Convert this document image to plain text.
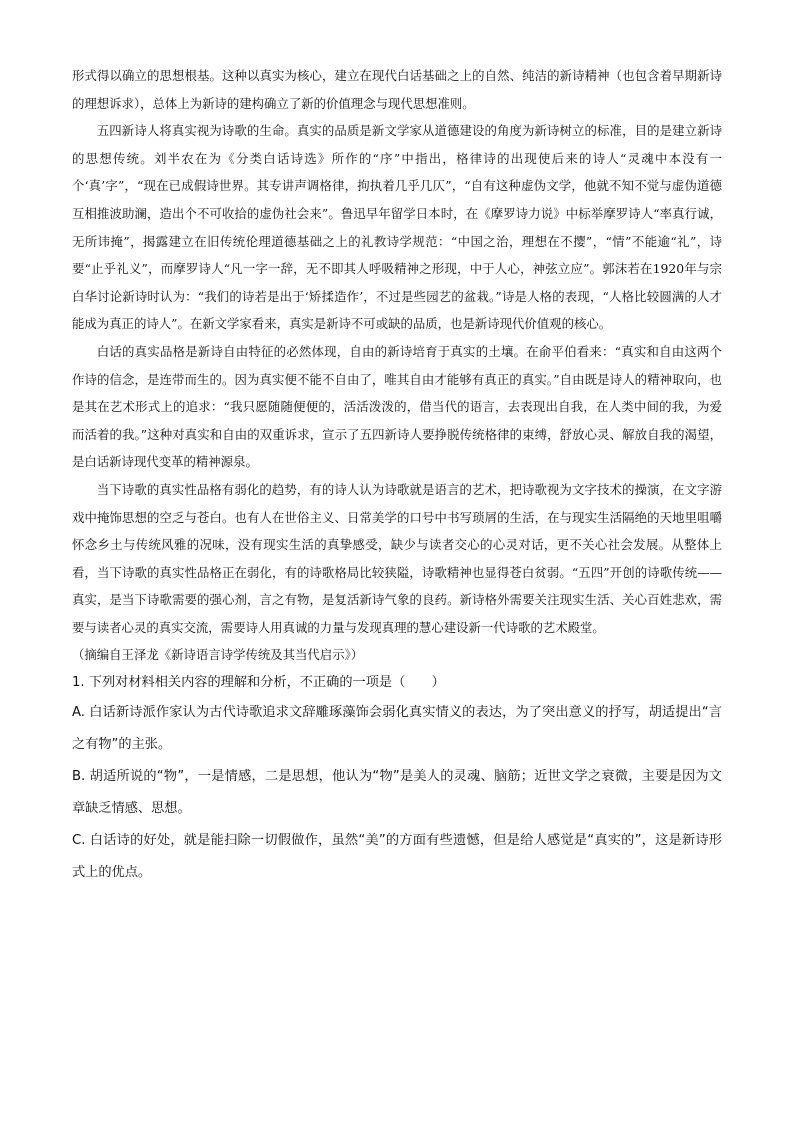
形式得以确立的思想根基。这种以真实为核心，建立在现代白话基础之上的自然、纯洁的新诗精神（也包含着早期新诗的理想诉求），总体上为新诗的建构确立了新的价值理念与现代思想准则。

五四新诗人将真实视为诗歌的生命。真实的品质是新文学家从道德建设的角度为新诗树立的标准，目的是建立新诗的思想传统。刘半农在为《分类白话诗选》所作的“序”中指出，格律诗的出现使后来的诗人“灵魂中本没有一个‘真’字”，“现在已成假诗世界。其专讲声调格律，拘执着几乎几仄”，“自有这种虚伪文学，他就不知不觉与虚伪道德互相推波助澜，造出个不可收拾的虚伪社会来”。鲁迅早年留学日本时，在《摩罗诗力说》中标举摩罗诗人“率真行诚，无所讳掩”，揭露建立在旧传统伦理道德基础之上的礼教诗学规范：“中国之治，理想在不撄”，“情”不能逾“礼”，诗要“止乎礼义”，而摩罗诗人“凡一字一辞，无不即其人呼吸精神之形现，中于人心，神弦立应”。郭沫若在1920年与宗白华讨论新诗时认为：“我们的诗若是出于‘矫揉造作’，不过是些园艺的盆栽。”诗是人格的表现，“人格比较圆满的人才能成为真正的诗人”。在新文学家看来，真实是新诗不可或缺的品质，也是新诗现代价值观的核心。

白话的真实品格是新诗自由特征的必然体现，自由的新诗培育于真实的土壤。在俞平伯看来：“真实和自由这两个作诗的信念，是连带而生的。因为真实便不能不自由了，唯其自由才能够有真正的真实。”自由既是诗人的精神取向，也是其在艺术形式上的追求：“我只愿随随便便的，活活泼泼的，借当代的语言，去表现出自我，在人类中间的我，为爱而活着的我。”这种对真实和自由的双重诉求，宣示了五四新诗人要挣脱传统格律的束缚，舒放心灵、解放自我的渴望，是白话新诗现代变革的精神源泉。

当下诗歌的真实性品格有弱化的趋势，有的诗人认为诗歌就是语言的艺术，把诗歌视为文字技术的操演，在文字游戏中掩饰思想的空乏与苍白。也有人在世俗主义、日常美学的口号中书写琐屑的生活，在与现实生活隔绝的天地里咀嚼怀念乡土与传统风雅的况味，没有现实生活的真挚感受，缺少与读者交心的心灵对话，更不关心社会发展。从整体上看，当下诗歌的真实性品格正在弱化，有的诗歌格局比较狭隘，诗歌精神也显得苍白贫弱。“五四”开创的诗歌传统——真实，是当下诗歌需要的强心剂，言之有物，是复活新诗气象的良药。新诗格外需要关注现实生活、关心百姓悲欢，需要与读者心灵的真实交流，需要诗人用真诚的力量与发现真理的慧心建设新一代诗歌的艺术殿堂。

（摘编自王泽龙《新诗语言诗学传统及其当代启示》）

1. 下列对材料相关内容的理解和分析，不正确的一项是（　　）

A. 白话新诗派作家认为古代诗歌追求文辞雕琢藻饰会弱化真实情义的表达，为了突出意义的抒写，胡适提出“言之有物”的主张。

B. 胡适所说的“物”，一是情感，二是思想，他认为“物”是美人的灵魂、脑筋；近世文学之衰微，主要是因为文章缺乏情感、思想。

C. 白话诗的好处，就是能扫除一切假做作，虽然“美”的方面有些遗憾，但是给人感觉是“真实的”，这是新诗形式上的优点。
